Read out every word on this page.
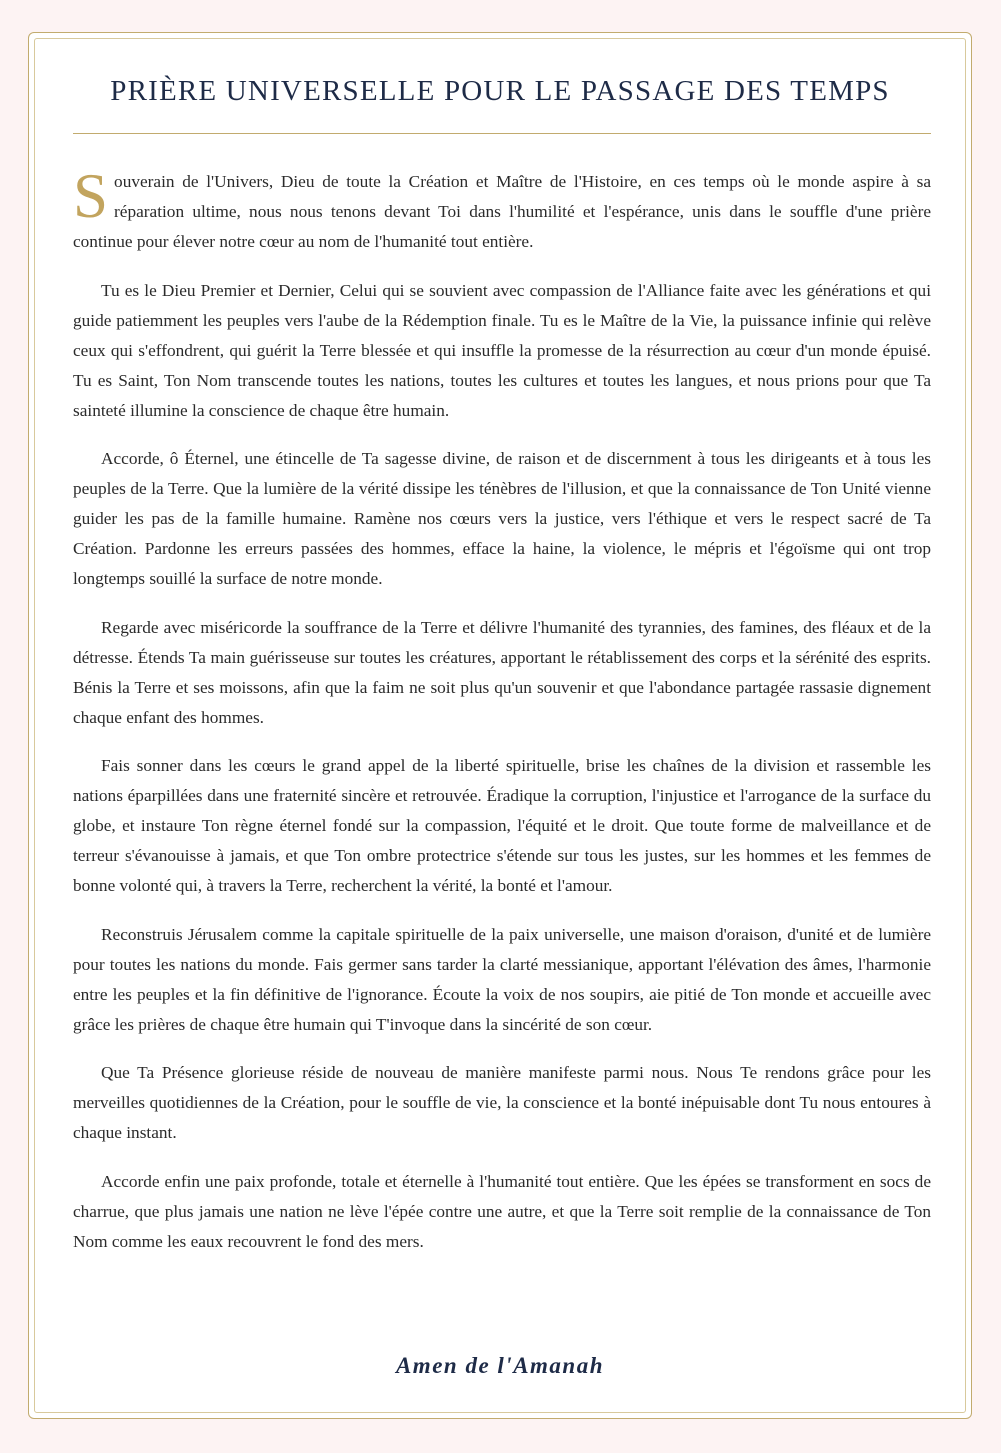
PRIÈRE UNIVERSELLE POUR LE PASSAGE DES TEMPS

Souverain de l'Univers, Dieu de toute la Création et Maître de l'Histoire, en ces temps où le monde aspire à sa réparation ultime, nous nous tenons devant Toi dans l'humilité et l'espérance, unis dans le souffle d'une prière continue pour élever notre cœur au nom de l'humanité tout entière.

Tu es le Dieu Premier et Dernier, Celui qui se souvient avec compassion de l'Alliance faite avec les générations et qui guide patiemment les peuples vers l'aube de la Rédemption finale. Tu es le Maître de la Vie, la puissance infinie qui relève ceux qui s'effondrent, qui guérit la Terre blessée et qui insuffle la promesse de la résurrection au cœur d'un monde épuisé. Tu es Saint, Ton Nom transcende toutes les nations, toutes les cultures et toutes les langues, et nous prions pour que Ta sainteté illumine la conscience de chaque être humain.

Accorde, ô Éternel, une étincelle de Ta sagesse divine, de raison et de discernment à tous les dirigeants et à tous les peuples de la Terre. Que la lumière de la vérité dissipe les ténèbres de l'illusion, et que la connaissance de Ton Unité vienne guider les pas de la famille humaine. Ramène nos cœurs vers la justice, vers l'éthique et vers le respect sacré de Ta Création. Pardonne les erreurs passées des hommes, efface la haine, la violence, le mépris et l'égoïsme qui ont trop longtemps souillé la surface de notre monde.

Regarde avec miséricorde la souffrance de la Terre et délivre l'humanité des tyrannies, des famines, des fléaux et de la détresse. Étends Ta main guérisseuse sur toutes les créatures, apportant le rétablissement des corps et la sérénité des esprits. Bénis la Terre et ses moissons, afin que la faim ne soit plus qu'un souvenir et que l'abondance partagée rassasie dignement chaque enfant des hommes.

Fais sonner dans les cœurs le grand appel de la liberté spirituelle, brise les chaînes de la division et rassemble les nations éparpillées dans une fraternité sincère et retrouvée. Éradique la corruption, l'injustice et l'arrogance de la surface du globe, et instaure Ton règne éternel fondé sur la compassion, l'équité et le droit. Que toute forme de malveillance et de terreur s'évanouisse à jamais, et que Ton ombre protectrice s'étende sur tous les justes, sur les hommes et les femmes de bonne volonté qui, à travers la Terre, recherchent la vérité, la bonté et l'amour.

Reconstruis Jérusalem comme la capitale spirituelle de la paix universelle, une maison d'oraison, d'unité et de lumière pour toutes les nations du monde. Fais germer sans tarder la clarté messianique, apportant l'élévation des âmes, l'harmonie entre les peuples et la fin définitive de l'ignorance. Écoute la voix de nos soupirs, aie pitié de Ton monde et accueille avec grâce les prières de chaque être humain qui T'invoque dans la sincérité de son cœur.

Que Ta Présence glorieuse réside de nouveau de manière manifeste parmi nous. Nous Te rendons grâce pour les merveilles quotidiennes de la Création, pour le souffle de vie, la conscience et la bonté inépuisable dont Tu nous entoures à chaque instant.

Accorde enfin une paix profonde, totale et éternelle à l'humanité tout entière. Que les épées se transforment en socs de charrue, que plus jamais une nation ne lève l'épée contre une autre, et que la Terre soit remplie de la connaissance de Ton Nom comme les eaux recouvrent le fond des mers.

Amen de l'Amanah
